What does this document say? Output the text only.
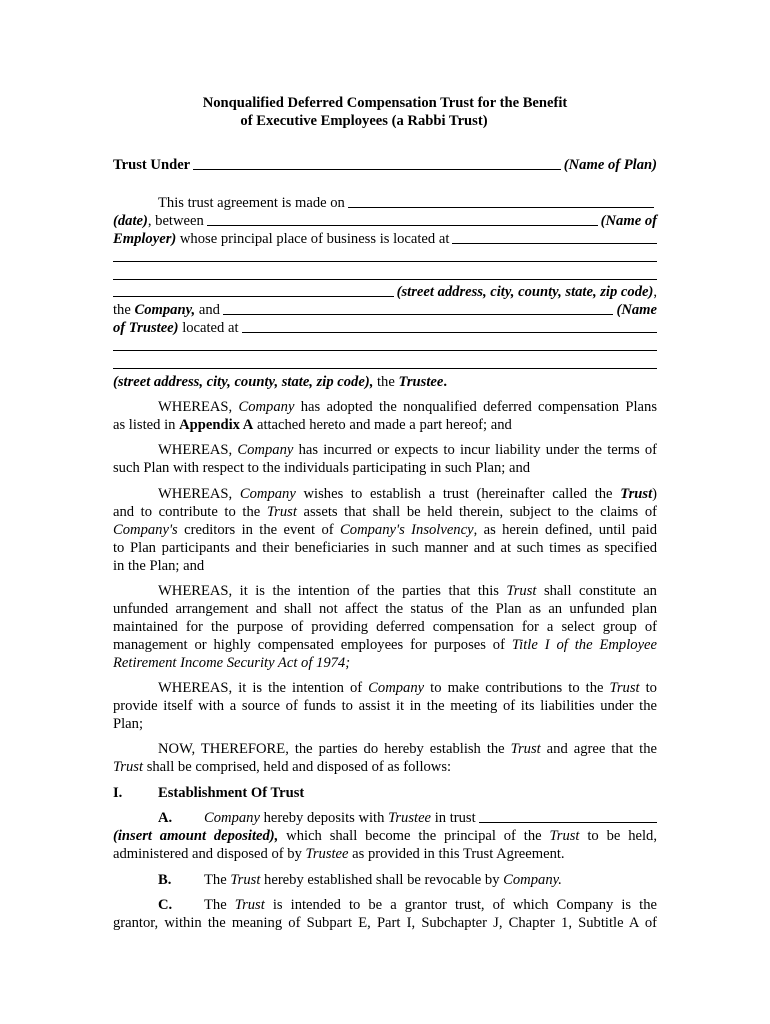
Nonqualified Deferred Compensation Trust for the Benefit
of Executive Employees (a Rabbi Trust)
Trust Under	(Name of Plan)
This trust agreement is made on
(date) , between	(Name of
Employer)
whose principal place of business is located at
(street address, city, county, state, zip code) ,
the
Company,
and	(Name
of Trustee)
located at
(street address, city, county, state, zip code), the Trustee.
WHEREAS, Company has adopted the nonqualified deferred compensation Plans
as listed in Appendix A attached hereto and made a part hereof; and
WHEREAS, Company has incurred or expects to incur liability under the terms of
such Plan with respect to the individuals participating in such Plan; and
WHEREAS, Company wishes to establish a trust (hereinafter called the Trust)
and to contribute to the Trust assets that shall be held therein, subject to the claims of
Company's creditors in the event of Company's Insolvency, as herein defined, until paid
to Plan participants and their beneficiaries in such manner and at such times as specified
in the Plan; and
WHEREAS, it is the intention of the parties that this Trust shall constitute an
unfunded arrangement and shall not affect the status of the Plan as an unfunded plan
maintained for the purpose of providing deferred compensation for a select group of
management or highly compensated employees for purposes of Title I of the Employee
Retirement Income Security Act of 1974;
WHEREAS, it is the intention of Company to make contributions to the Trust to
provide itself with a source of funds to assist it in the meeting of its liabilities under the
Plan;
NOW, THEREFORE, the parties do hereby establish the Trust and agree that the
Trust shall be comprised, held and disposed of as follows:
I. Establishment Of Trust
A.	Company
hereby deposits with
Trustee
in trust
(insert amount deposited), which shall become the principal of the Trust to be held,
administered and disposed of by Trustee as provided in this Trust Agreement.
B. The Trust hereby established shall be revocable by Company.
C. The Trust is intended to be a grantor trust, of which Company is the
grantor, within the meaning of Subpart E, Part I, Subchapter J, Chapter 1, Subtitle A of
